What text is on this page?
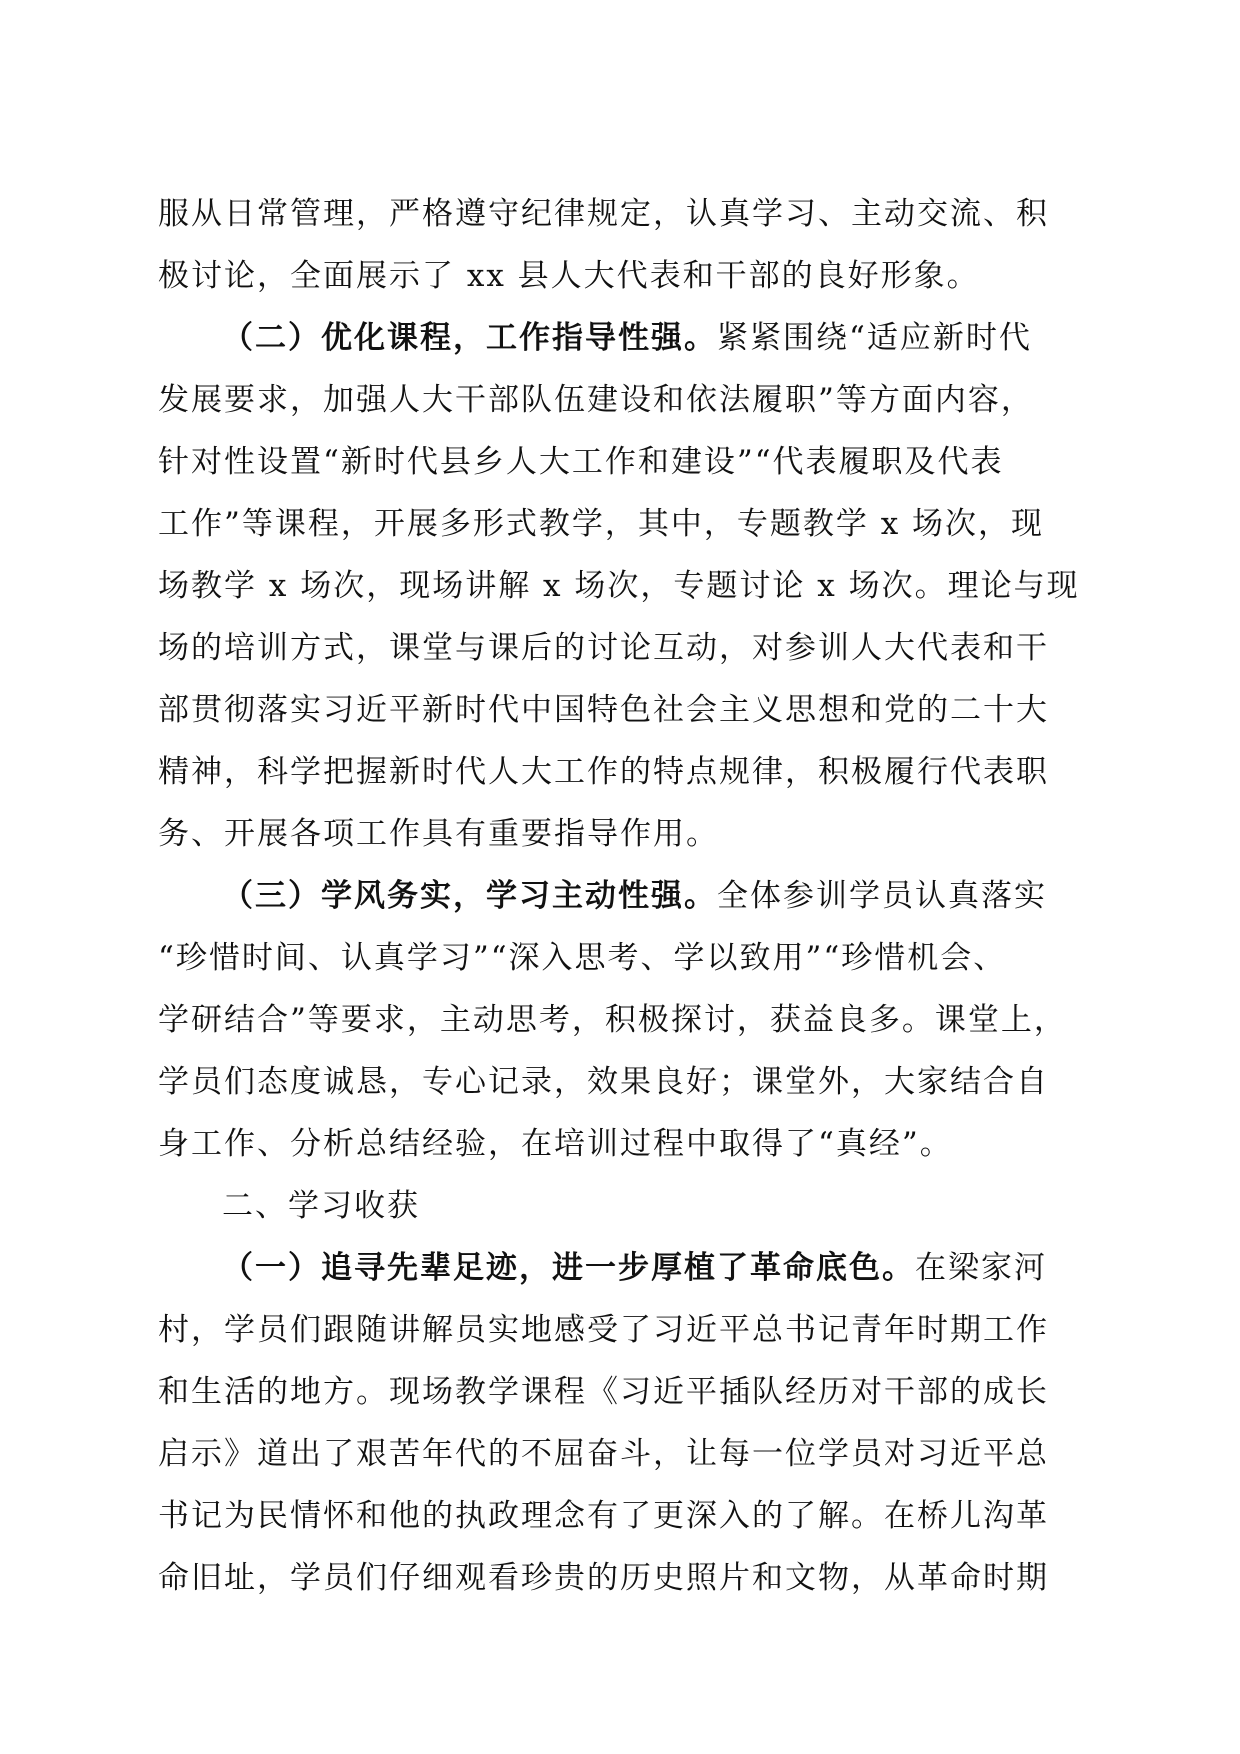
服从日常管理，严格遵守纪律规定，认真学习、主动交流、积
极讨论，全面展示了 xx 县人大代表和干部的良好形象。
（二）优化课程，工作指导性强。紧紧围绕“适应新时代
发展要求，加强人大干部队伍建设和依法履职”等方面内容，
针对性设置“新时代县乡人大工作和建设”“代表履职及代表
工作”等课程，开展多形式教学，其中，专题教学 x 场次，现
场教学 x 场次，现场讲解 x 场次，专题讨论 x 场次。理论与现
场的培训方式，课堂与课后的讨论互动，对参训人大代表和干
部贯彻落实习近平新时代中国特色社会主义思想和党的二十大
精神，科学把握新时代人大工作的特点规律，积极履行代表职
务、开展各项工作具有重要指导作用。
（三）学风务实，学习主动性强。全体参训学员认真落实
“珍惜时间、认真学习”“深入思考、学以致用”“珍惜机会、
学研结合”等要求，主动思考，积极探讨，获益良多。课堂上，
学员们态度诚恳，专心记录，效果良好；课堂外，大家结合自
身工作、分析总结经验，在培训过程中取得了“真经”。
二、学习收获
（一）追寻先辈足迹，进一步厚植了革命底色。在梁家河
村，学员们跟随讲解员实地感受了习近平总书记青年时期工作
和生活的地方。现场教学课程《习近平插队经历对干部的成长
启示》道出了艰苦年代的不屈奋斗，让每一位学员对习近平总
书记为民情怀和他的执政理念有了更深入的了解。在桥儿沟革
命旧址，学员们仔细观看珍贵的历史照片和文物，从革命时期
